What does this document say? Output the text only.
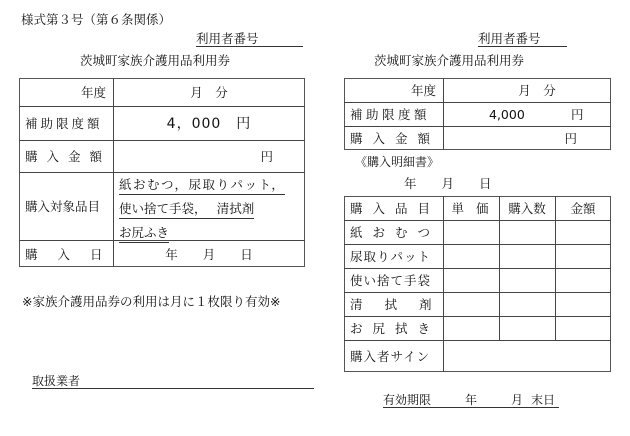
様式第３号（第６条関係）
利用者番号
茨城町家族介護用品利用券
年度	月　分
補助限度額	4，000　円
購入金額	円
購入対象品目
紙おむつ，尿取りパット，
使い捨て手袋，　 清拭剤
お尻ふき
購入日	年　　月　　日
※家族介護用品券の利用は月に１枚限り有効※
取扱業者
利用者番号
茨城町家族介護用品利用券
年度	月　分
補助限度額	4,000	円
購入金額	円
《購入明細書》
年　　月　　日
購入品目 単価 購入数	金額
紙おむつ
尿取りパット
使い捨て手袋
清拭剤
お尻拭き
購入者サイン
有効期限	年	月 末日
